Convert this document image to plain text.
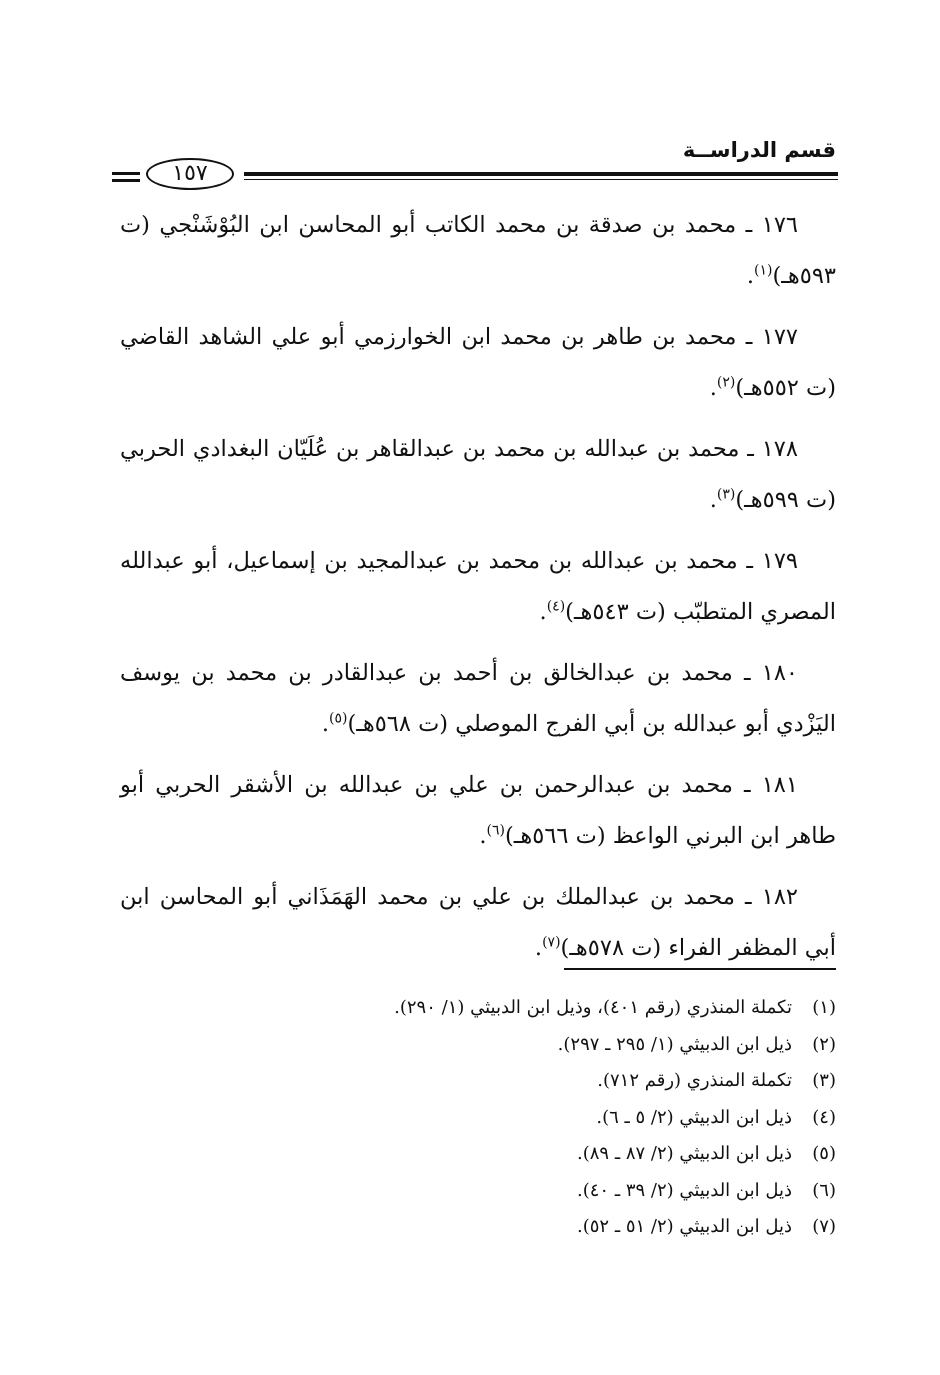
قسم الدراســة
١٥٧

١٧٦ ـ محمد بن صدقة بن محمد الكاتب أبو المحاسن ابن البُوْشَنْجي (ت ٥٩٣هـ)$^{(١)}$.

١٧٧ ـ محمد بن طاهر بن محمد ابن الخوارزمي أبو علي الشاهد القاضي (ت ٥٥٢هـ)$^{(٢)}$.

١٧٨ ـ محمد بن عبدالله بن محمد بن عبدالقاهر بن عُلَيّان البغدادي الحربي (ت ٥٩٩هـ)$^{(٣)}$.

١٧٩ ـ محمد بن عبدالله بن محمد بن عبدالمجيد بن إسماعيل، أبو عبدالله المصري المتطبّب (ت ٥٤٣هـ)$^{(٤)}$.

١٨٠ ـ محمد بن عبدالخالق بن أحمد بن عبدالقادر بن محمد بن يوسف اليَزْدي أبو عبدالله بن أبي الفرج الموصلي (ت ٥٦٨هـ)$^{(٥)}$.

١٨١ ـ محمد بن عبدالرحمن بن علي بن عبدالله بن الأشقر الحربي أبو طاهر ابن البرني الواعظ (ت ٥٦٦هـ)$^{(٦)}$.

١٨٢ ـ محمد بن عبدالملك بن علي بن محمد الهَمَذَاني أبو المحاسن ابن أبي المظفر الفراء (ت ٥٧٨هـ)$^{(٧)}$.

(١)تكملة المنذري (رقم ٤٠١)، وذيل ابن الدبيثي (١/ ٢٩٠).
(٢)ذيل ابن الدبيثي (١/ ٢٩٥ ـ ٢٩٧).
(٣)تكملة المنذري (رقم ٧١٢).
(٤)ذيل ابن الدبيثي (٢/ ٥ ـ ٦).
(٥)ذيل ابن الدبيثي (٢/ ٨٧ ـ ٨٩).
(٦)ذيل ابن الدبيثي (٢/ ٣٩ ـ ٤٠).
(٧)ذيل ابن الدبيثي (٢/ ٥١ ـ ٥٢).
